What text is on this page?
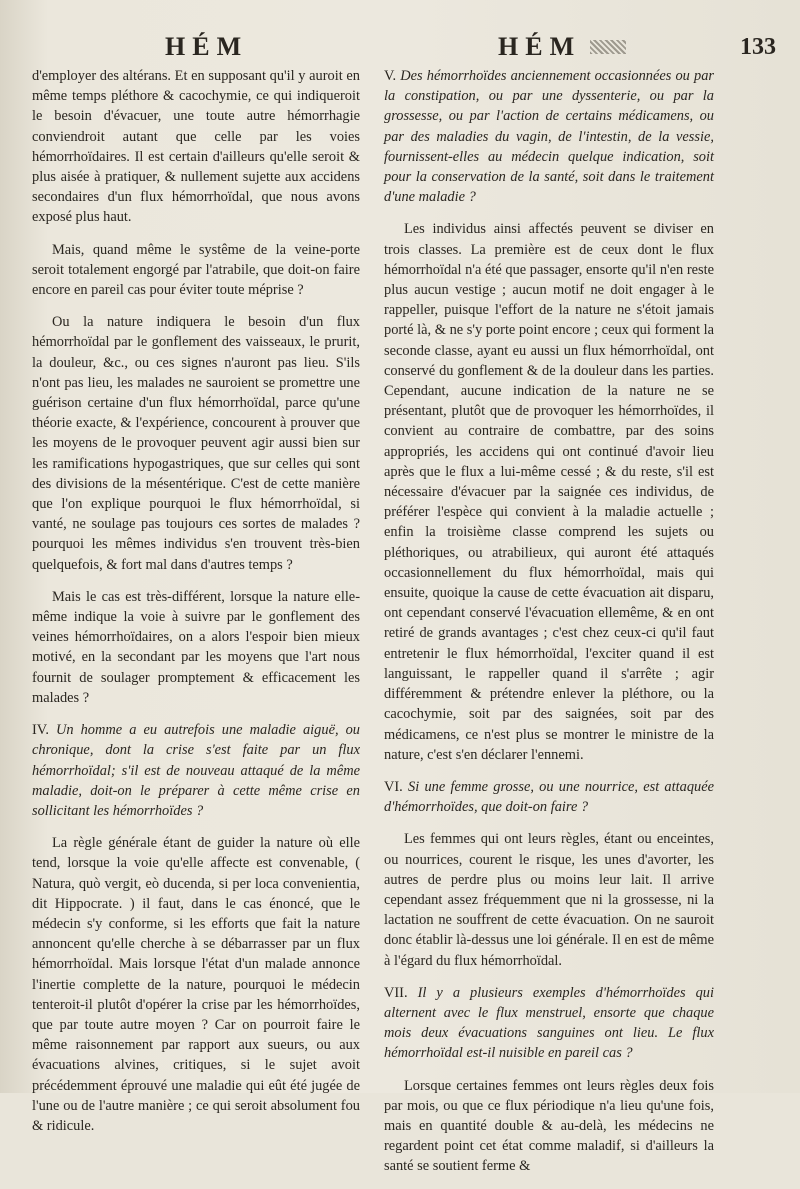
HÉM	HÉM	133

d'employer des altérans. Et en supposant qu'il y auroit en même temps pléthore & cacochymie, ce qui indiqueroit le besoin d'évacuer, une toute autre hémorrhagie conviendroit autant que celle par les voies hémorrhoïdaires. Il est certain d'ailleurs qu'elle seroit & plus aisée à pratiquer, & nullement sujette aux accidens secondaires d'un flux hémorrhoïdal, que nous avons exposé plus haut.

Mais, quand même le systême de la veine-porte seroit totalement engorgé par l'atrabile, que doit-on faire encore en pareil cas pour éviter toute méprise ?

Ou la nature indiquera le besoin d'un flux hémorrhoïdal par le gonflement des vaisseaux, le prurit, la douleur, &c., ou ces signes n'auront pas lieu. S'ils n'ont pas lieu, les malades ne sauroient se promettre une guérison certaine d'un flux hémorrhoïdal, parce qu'une théorie exacte, & l'expérience, concourent à prouver que les moyens de le provoquer peuvent agir aussi bien sur les ramifications hypogastriques, que sur celles qui sont des divisions de la mésentérique. C'est de cette manière que l'on explique pourquoi le flux hémorrhoïdal, si vanté, ne soulage pas toujours ces sortes de malades ? pourquoi les mêmes individus s'en trouvent très-bien quelquefois, & fort mal dans d'autres temps ?

Mais le cas est très-différent, lorsque la nature elle-même indique la voie à suivre par le gonflement des veines hémorrhoïdaires, on a alors l'espoir bien mieux motivé, en la secondant par les moyens que l'art nous fournit de soulager promptement & efficacement les malades ?

IV. Un homme a eu autrefois une maladie aiguë, ou chronique, dont la crise s'est faite par un flux hémorrhoïdal; s'il est de nouveau attaqué de la même maladie, doit-on le préparer à cette même crise en sollicitant les hémorrhoïdes ?

La règle générale étant de guider la nature où elle tend, lorsque la voie qu'elle affecte est convenable, ( Natura, quò vergit, eò ducenda, si per loca convenientia, dit Hippocrate. ) il faut, dans le cas énoncé, que le médecin s'y conforme, si les efforts que fait la nature annoncent qu'elle cherche à se débarrasser par un flux hémorrhoïdal. Mais lorsque l'état d'un malade annonce l'inertie complette de la nature, pourquoi le médecin tenteroit-il plutôt d'opérer la crise par les hémorrhoïdes, que par toute autre moyen ? Car on pourroit faire le même raisonnement par rapport aux sueurs, ou aux évacuations alvines, critiques, si le sujet avoit précédemment éprouvé une maladie qui eût été jugée de l'une ou de l'autre manière ; ce qui seroit absolument fou & ridicule.

V. Des hémorrhoïdes anciennement occasionnées ou par la constipation, ou par une dyssenterie, ou par la grossesse, ou par l'action de certains médicamens, ou par des maladies du vagin, de l'intestin, de la vessie, fournissent-elles au médecin quelque indication, soit pour la conservation de la santé, soit dans le traitement d'une maladie ?

Les individus ainsi affectés peuvent se diviser en trois classes. La première est de ceux dont le flux hémorrhoïdal n'a été que passager, ensorte qu'il n'en reste plus aucun vestige ; aucun motif ne doit engager à le rappeller, puisque l'effort de la nature ne s'étoit jamais porté là, & ne s'y porte point encore ; ceux qui forment la seconde classe, ayant eu aussi un flux hémorrhoïdal, ont conservé du gonflement & de la douleur dans les parties. Cependant, aucune indication de la nature ne se présentant, plutôt que de provoquer les hémorrhoïdes, il convient au contraire de combattre, par des soins appropriés, les accidens qui ont continué d'avoir lieu après que le flux a lui-même cessé ; & du reste, s'il est nécessaire d'évacuer par la saignée ces individus, de préférer l'espèce qui convient à la maladie actuelle ; enfin la troisième classe comprend les sujets ou pléthoriques, ou atrabilieux, qui auront été attaqués occasionnellement du flux hémorrhoïdal, mais qui ensuite, quoique la cause de cette évacuation ait disparu, ont cependant conservé l'évacuation ellemême, & en ont retiré de grands avantages ; c'est chez ceux-ci qu'il faut entretenir le flux hémorrhoïdal, l'exciter quand il est languissant, le rappeller quand il s'arrête ; agir différemment & prétendre enlever la pléthore, ou la cacochymie, soit par des saignées, soit par des médicamens, ce n'est plus se montrer le ministre de la nature, c'est s'en déclarer l'ennemi.

VI. Si une femme grosse, ou une nourrice, est attaquée d'hémorrhoïdes, que doit-on faire ?

Les femmes qui ont leurs règles, étant ou enceintes, ou nourrices, courent le risque, les unes d'avorter, les autres de perdre plus ou moins leur lait. Il arrive cependant assez fréquemment que ni la grossesse, ni la lactation ne souffrent de cette évacuation. On ne sauroit donc établir là-dessus une loi générale. Il en est de même à l'égard du flux hémorrhoïdal.

VII. Il y a plusieurs exemples d'hémorrhoïdes qui alternent avec le flux menstruel, ensorte que chaque mois deux évacuations sanguines ont lieu. Le flux hémorrhoïdal est-il nuisible en pareil cas ?

Lorsque certaines femmes ont leurs règles deux fois par mois, ou que ce flux périodique n'a lieu qu'une fois, mais en quantité double & au-delà, les médecins ne regardent point cet état comme maladif, si d'ailleurs la santé se soutient ferme &
